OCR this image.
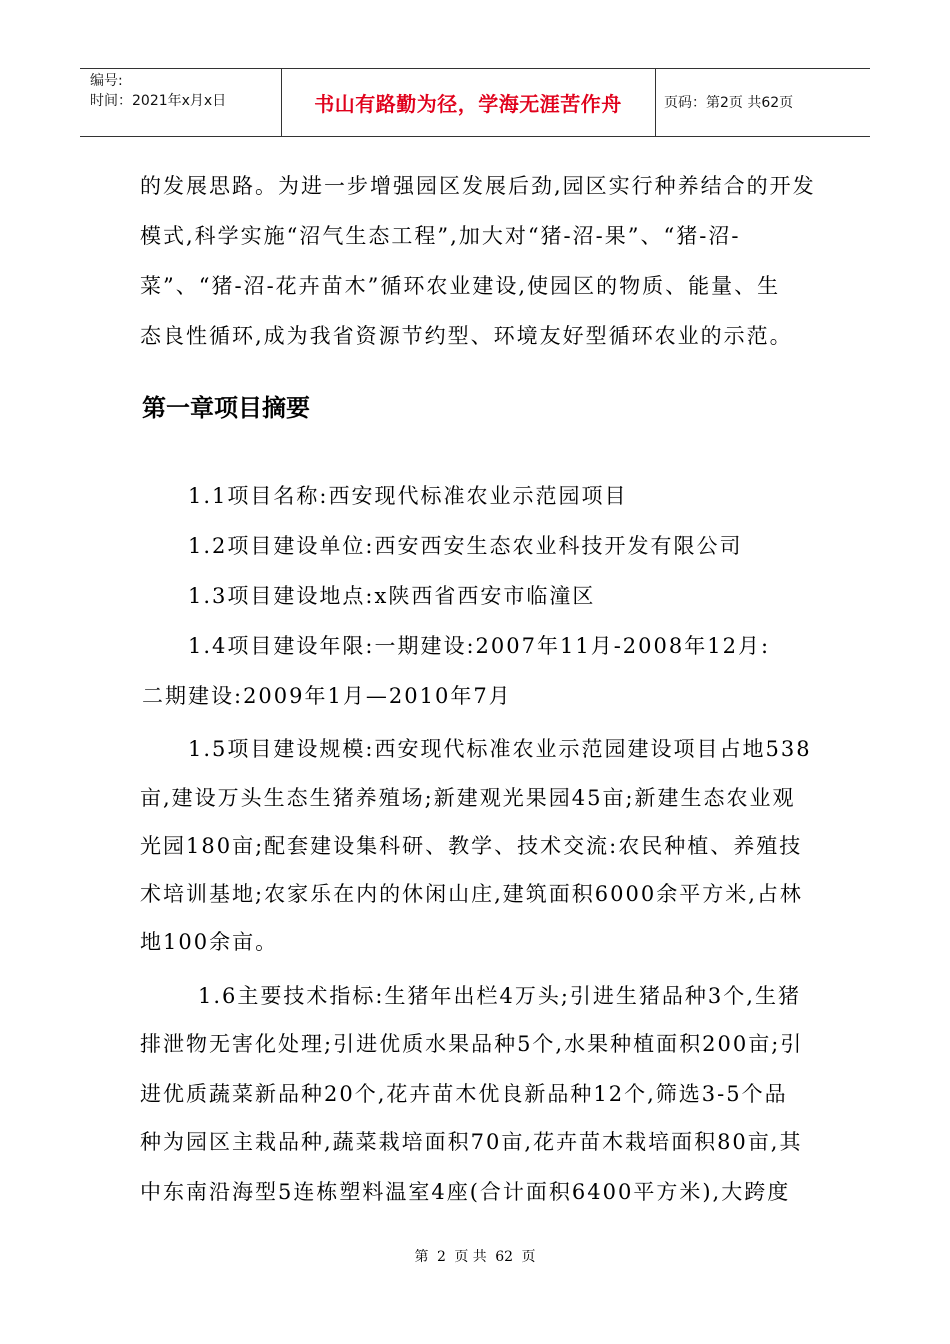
编号:
时间：2021年x月x日	书山有路勤为径，学海无涯苦作舟	页码：第2页 共62页
的发展思路。为进一步增强园区发展后劲,园区实行种养结合的开发
模式,科学实施“沼气生态工程”,加大对“猪-沼-果”、“猪-沼-
菜”、“猪-沼-花卉苗木”循环农业建设,使园区的物质、能量、生
态良性循环,成为我省资源节约型、环境友好型循环农业的示范。
第一章项目摘要
1.1项目名称:西安现代标准农业示范园项目
1.2项目建设单位:西安西安生态农业科技开发有限公司
1.3项目建设地点:x陕西省西安市临潼区
1.4项目建设年限:一期建设:2007年11月-2008年12月:
二期建设:2009年1月—2010年7月
1.5项目建设规模:西安现代标准农业示范园建设项目占地538
亩,建设万头生态生猪养殖场;新建观光果园45亩;新建生态农业观
光园180亩;配套建设集科研、教学、技术交流:农民种植、养殖技
术培训基地;农家乐在内的休闲山庄,建筑面积6000余平方米,占林
地100余亩。
1.6主要技术指标:生猪年出栏4万头;引进生猪品种3个,生猪
排泄物无害化处理;引进优质水果品种5个,水果种植面积200亩;引
进优质蔬菜新品种20个,花卉苗木优良新品种12个,筛选3-5个品
种为园区主栽品种,蔬菜栽培面积70亩,花卉苗木栽培面积80亩,其
中东南沿海型5连栋塑料温室4座(合计面积6400平方米),大跨度
第 2 页 共 62 页
